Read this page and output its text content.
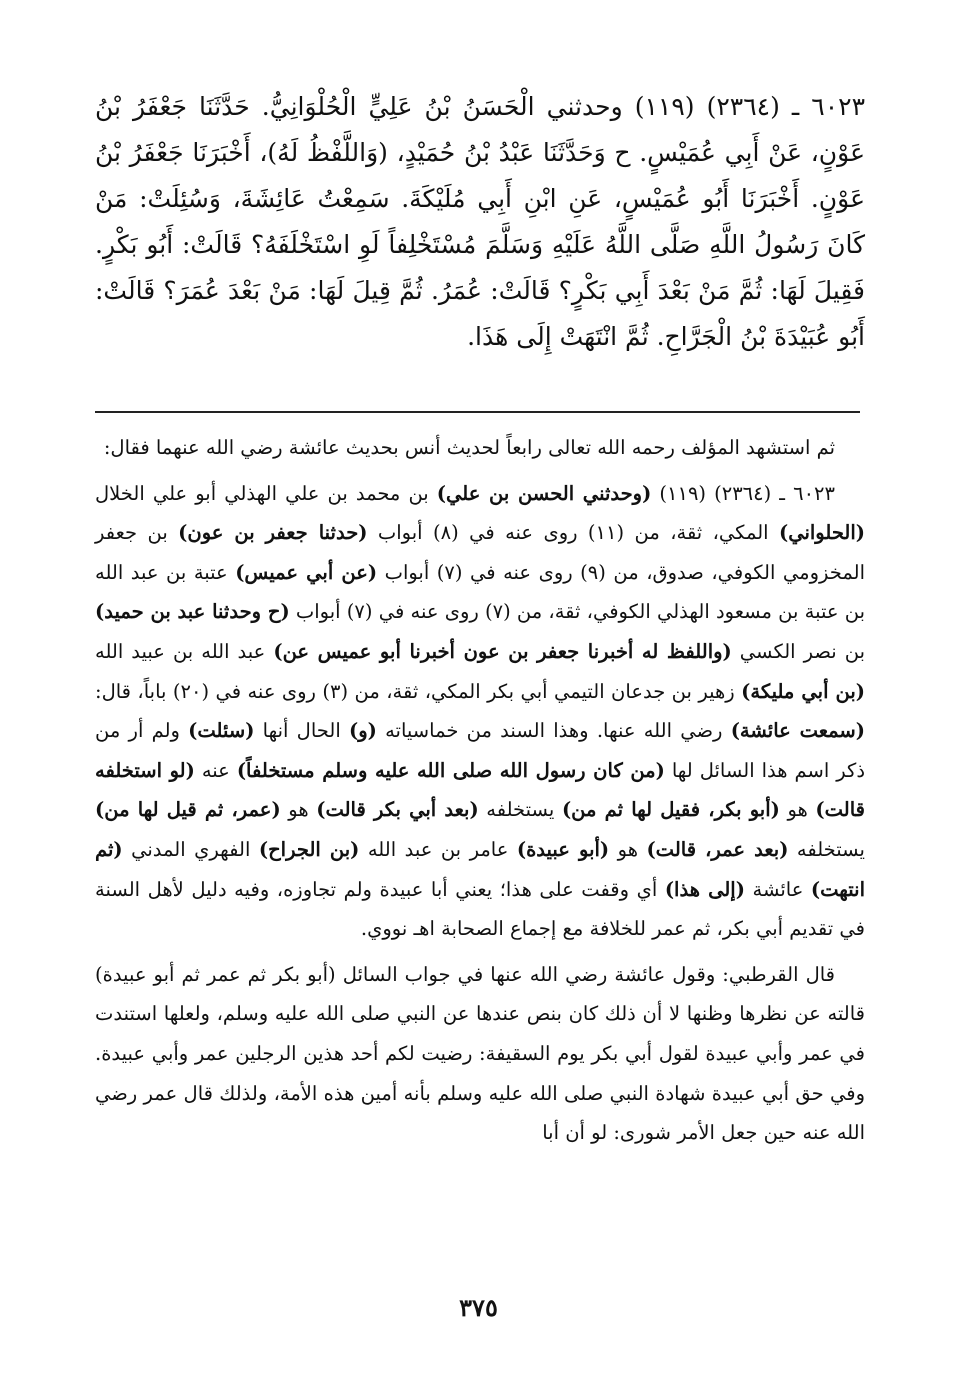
٦٠٢٣ ـ (٢٣٦٤) (١١٩) وحدثني الْحَسَنُ بْنُ عَلِيٍّ الْحُلْوَانِيُّ. حَدَّثَنَا جَعْفَرُ بْنُ عَوْنٍ، عَنْ أَبِي عُمَيْسٍ. ح وَحَدَّثَنَا عَبْدُ بْنُ حُمَيْدٍ، (وَاللَّفْظُ لَهُ)، أَخْبَرَنَا جَعْفَرُ بْنُ عَوْنٍ. أَخْبَرَنَا أَبُو عُمَيْسٍ، عَنِ ابْنِ أَبِي مُلَيْكَةَ. سَمِعْتُ عَائِشَةَ، وَسُئِلَتْ: مَنْ كَانَ رَسُولُ اللَّهِ صَلَّى اللَّهُ عَلَيْهِ وَسَلَّمَ مُسْتَخْلِفاً لَوِ اسْتَخْلَفَهُ؟ قَالَتْ: أَبُو بَكْرٍ. فَقِيلَ لَهَا: ثُمَّ مَنْ بَعْدَ أَبِي بَكْرٍ؟ قَالَتْ: عُمَرُ. ثُمَّ قِيلَ لَهَا: مَنْ بَعْدَ عُمَرَ؟ قَالَتْ: أَبُو عُبَيْدَةَ بْنُ الْجَرَّاحِ. ثُمَّ انْتَهَتْ إِلَى هَذَا.

ثم استشهد المؤلف رحمه الله تعالى رابعاً لحديث أنس بحديث عائشة رضي الله عنهما فقال:

٦٠٢٣ ـ (٢٣٦٤) (١١٩) (وحدثني الحسن بن علي) بن محمد بن علي الهذلي أبو علي الخلال (الحلواني) المكي، ثقة، من (١١) روى عنه في (٨) أبواب (حدثنا جعفر بن عون) بن جعفر المخزومي الكوفي، صدوق، من (٩) روى عنه في (٧) أبواب (عن أبي عميس) عتبة بن عبد الله بن عتبة بن مسعود الهذلي الكوفي، ثقة، من (٧) روى عنه في (٧) أبواب (ح وحدثنا عبد بن حميد) بن نصر الكسي (واللفظ له أخبرنا جعفر بن عون أخبرنا أبو عميس عن) عبد الله بن عبيد الله (بن أبي مليكة) زهير بن جدعان التيمي أبي بكر المكي، ثقة، من (٣) روى عنه في (٢٠) باباً، قال: (سمعت عائشة) رضي الله عنها. وهذا السند من خماسياته (و) الحال أنها (سئلت) ولم أر من ذكر اسم هذا السائل لها (من كان رسول الله صلى الله عليه وسلم مستخلفاً) عنه (لو استخلفه قالت) هو (أبو بكر، فقيل لها ثم من) يستخلفه (بعد أبي بكر قالت) هو (عمر، ثم قيل لها من) يستخلفه (بعد عمر، قالت) هو (أبو عبيدة) عامر بن عبد الله (بن الجراح) الفهري المدني (ثم انتهت) عائشة (إلى هذا) أي وقفت على هذا؛ يعني أبا عبيدة ولم تجاوزه، وفيه دليل لأهل السنة في تقديم أبي بكر، ثم عمر للخلافة مع إجماع الصحابة اهـ نووي.

قال القرطبي: وقول عائشة رضي الله عنها في جواب السائل (أبو بكر ثم عمر ثم أبو عبيدة) قالته عن نظرها وظنها لا أن ذلك كان بنص عندها عن النبي صلى الله عليه وسلم، ولعلها استندت في عمر وأبي عبيدة لقول أبي بكر يوم السقيفة: رضيت لكم أحد هذين الرجلين عمر وأبي عبيدة. وفي حق أبي عبيدة شهادة النبي صلى الله عليه وسلم بأنه أمين هذه الأمة، ولذلك قال عمر رضي الله عنه حين جعل الأمر شورى: لو أن أبا

٣٧٥
